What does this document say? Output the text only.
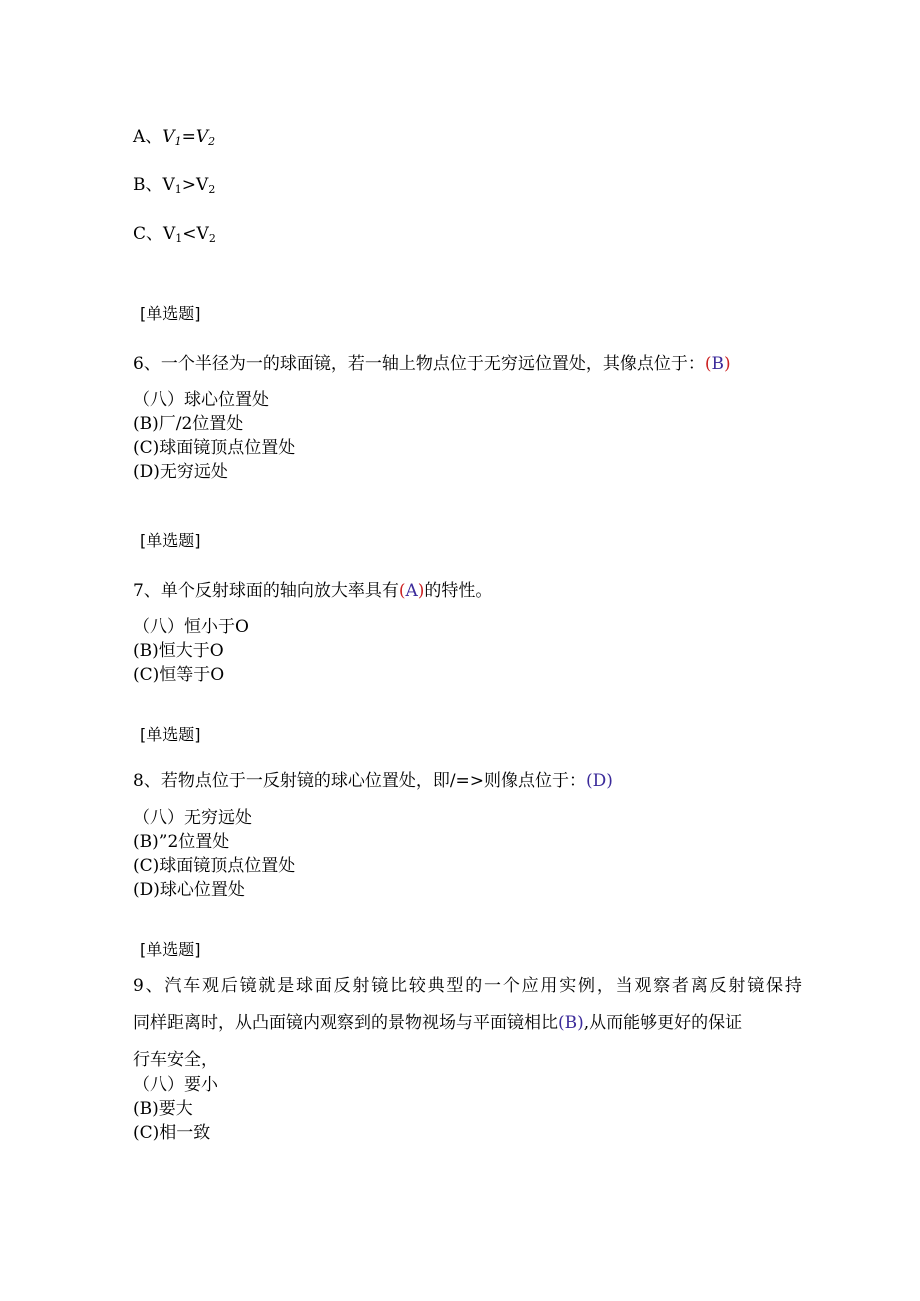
A、$V_1=V_2$
B、$V_1>V_2$
C、$V_1<V_2$
[单选题]
6、一个半径为一的球面镜，若一轴上物点位于无穷远位置处，其像点位于：(B)
（八）球心位置处
(B)厂/2位置处
(C)球面镜顶点位置处
(D)无穷远处
[单选题]
7、单个反射球面的轴向放大率具有(A)的特性。
（八）恒小于O
(B)恒大于O
(C)恒等于O
[单选题]
8、若物点位于一反射镜的球心位置处，即/=>则像点位于：(D)
（八）无穷远处
(B)”2位置处
(C)球面镜顶点位置处
(D)球心位置处
[单选题]
9、汽车观后镜就是球面反射镜比较典型的一个应用实例，当观察者离反射镜保持
同样距离时，从凸面镜内观察到的景物视场与平面镜相比(B),从而能够更好的保证
行车安全，
（八）要小
(B)要大
(C)相一致
